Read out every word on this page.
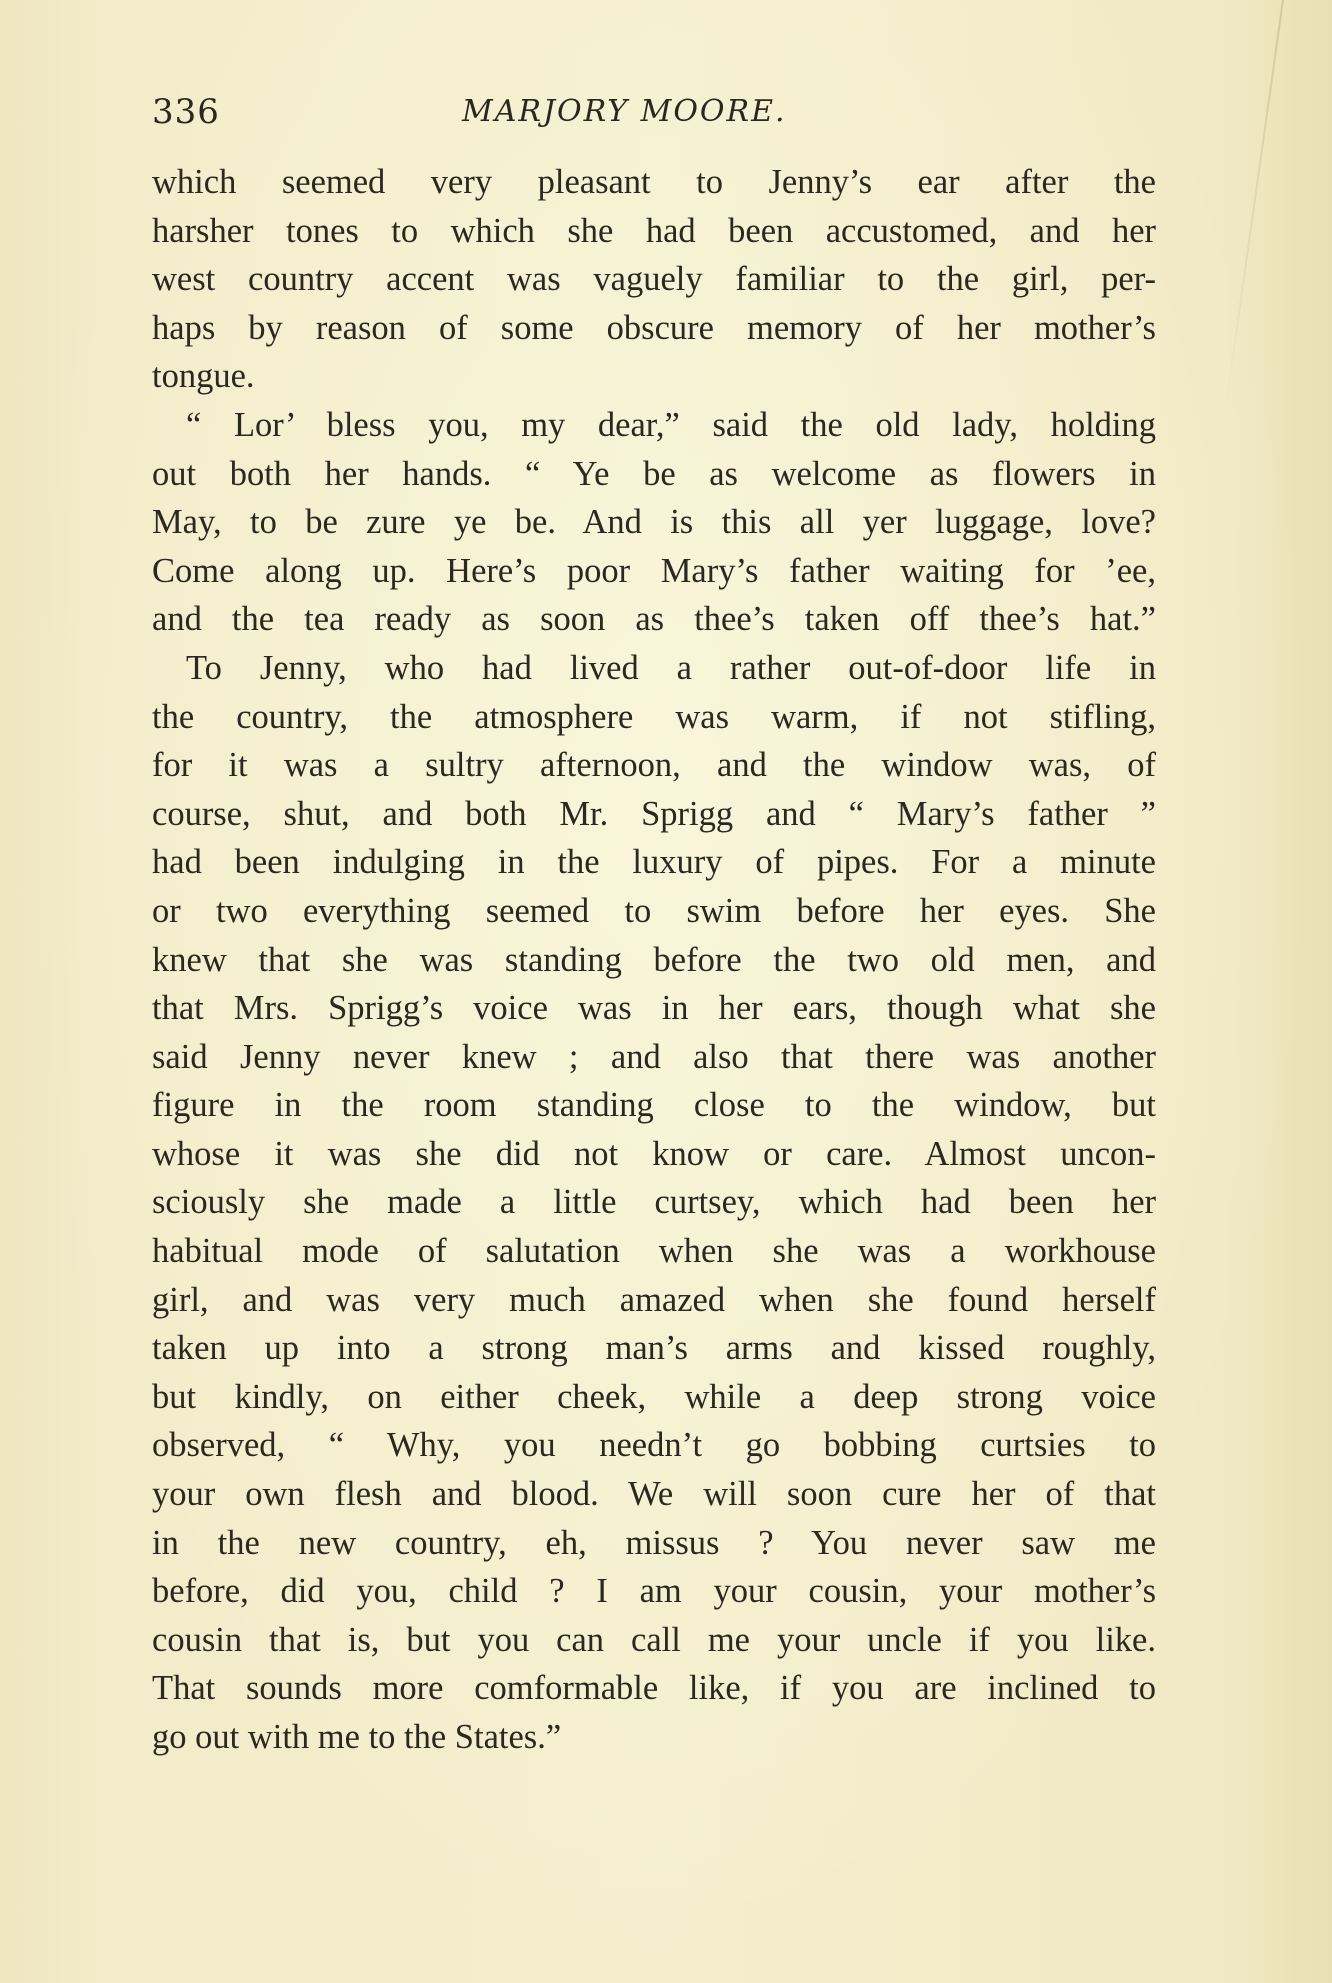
336	MARJORY MOORE.
which seemed very pleasant to Jenny’s ear after the
harsher tones to which she had been accustomed, and her
west country accent was vaguely familiar to the girl, per-
haps by reason of some obscure memory of her mother’s
tongue.
“ Lor’ bless you, my dear,” said the old lady, holding
out both her hands. “ Ye be as welcome as flowers in
May, to be zure ye be. And is this all yer luggage, love?
Come along up. Here’s poor Mary’s father waiting for ’ee,
and the tea ready as soon as thee’s taken off thee’s hat.”
To Jenny, who had lived a rather out-of-door life in
the country, the atmosphere was warm, if not stifling,
for it was a sultry afternoon, and the window was, of
course, shut, and both Mr. Sprigg and “ Mary’s father ”
had been indulging in the luxury of pipes. For a minute
or two everything seemed to swim before her eyes. She
knew that she was standing before the two old men, and
that Mrs. Sprigg’s voice was in her ears, though what she
said Jenny never knew ; and also that there was another
figure in the room standing close to the window, but
whose it was she did not know or care. Almost uncon-
sciously she made a little curtsey, which had been her
habitual mode of salutation when she was a workhouse
girl, and was very much amazed when she found herself
taken up into a strong man’s arms and kissed roughly,
but kindly, on either cheek, while a deep strong voice
observed, “ Why, you needn’t go bobbing curtsies to
your own flesh and blood. We will soon cure her of that
in the new country, eh, missus ? You never saw me
before, did you, child ? I am your cousin, your mother’s
cousin that is, but you can call me your uncle if you like.
That sounds more comformable like, if you are inclined to
go out with me to the States.”
